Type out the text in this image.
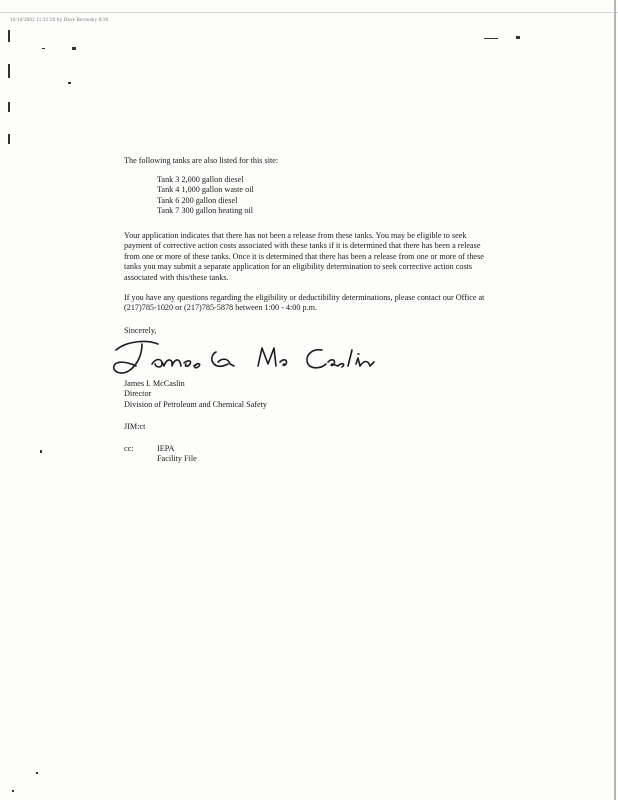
10/10/2002 11:31:20 by Dave Bernosky 8/30

The following tanks are also listed for this site:

Tank 3 2,000 gallon diesel
Tank 4 1,000 gallon waste oil
Tank 6 200 gallon diesel
Tank 7 300 gallon heating oil

Your application indicates that there has not been a release from these tanks. You may be eligible to seek payment of corrective action costs associated with these tanks if it is determined that there has been a release from one or more of these tanks. Once it is determined that there has been a release from one or more of these tanks you may submit a separate application for an eligibility determination to seek corrective action costs associated with this/these tanks.

If you have any questions regarding the eligibility or deductibility determinations, please contact our Office at (217)785-1020 or (217)785-5878 between 1:00 - 4:00 p.m.

Sincerely,

James I. McCaslin
Director
Division of Petroleum and Chemical Safety

JIM:ct

cc:	IEPA
Facility File
